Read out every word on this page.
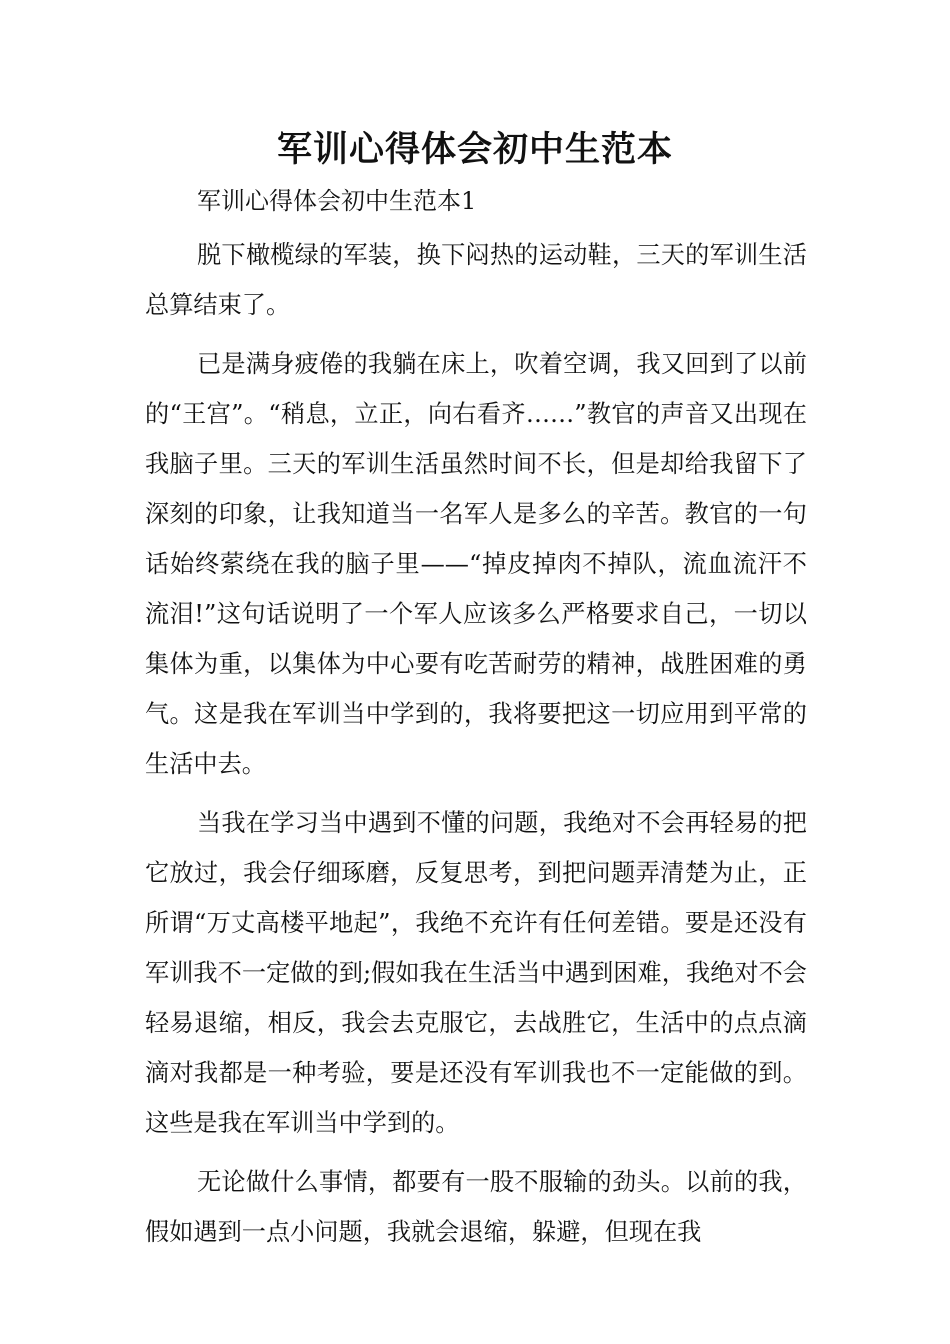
军训心得体会初中生范本

军训心得体会初中生范本1

脱下橄榄绿的军装，换下闷热的运动鞋，三天的军训生活总算结束了。

已是满身疲倦的我躺在床上，吹着空调，我又回到了以前的“王宫”。“稍息，立正，向右看齐……”教官的声音又出现在我脑子里。三天的军训生活虽然时间不长，但是却给我留下了深刻的印象，让我知道当一名军人是多么的辛苦。教官的一句话始终萦绕在我的脑子里——“掉皮掉肉不掉队，流血流汗不流泪!”这句话说明了一个军人应该多么严格要求自己，一切以集体为重，以集体为中心要有吃苦耐劳的精神，战胜困难的勇气。这是我在军训当中学到的，我将要把这一切应用到平常的生活中去。

当我在学习当中遇到不懂的问题，我绝对不会再轻易的把它放过，我会仔细琢磨，反复思考，到把问题弄清楚为止，正所谓“万丈高楼平地起”，我绝不充许有任何差错。要是还没有军训我不一定做的到;假如我在生活当中遇到困难，我绝对不会轻易退缩，相反，我会去克服它，去战胜它，生活中的点点滴滴对我都是一种考验，要是还没有军训我也不一定能做的到。这些是我在军训当中学到的。

无论做什么事情，都要有一股不服输的劲头。以前的我，假如遇到一点小问题，我就会退缩，躲避，但现在我
